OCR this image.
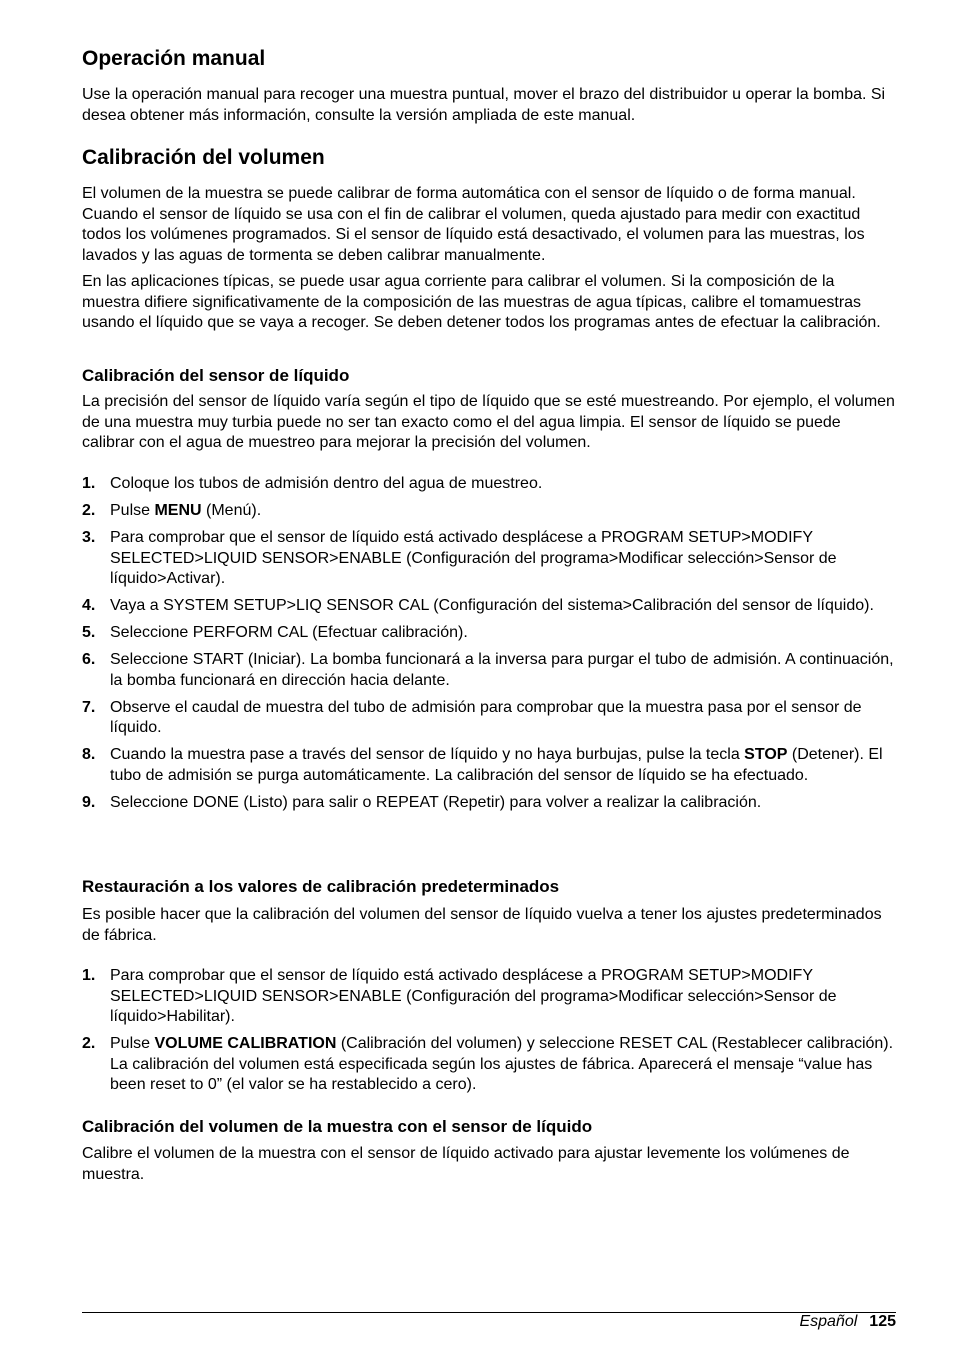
Operación manual

Use la operación manual para recoger una muestra puntual, mover el brazo del distribuidor u operar la bomba. Si desea obtener más información, consulte la versión ampliada de este manual.

Calibración del volumen

El volumen de la muestra se puede calibrar de forma automática con el sensor de líquido o de forma manual. Cuando el sensor de líquido se usa con el fin de calibrar el volumen, queda ajustado para medir con exactitud todos los volúmenes programados. Si el sensor de líquido está desactivado, el volumen para las muestras, los lavados y las aguas de tormenta se deben calibrar manualmente.

En las aplicaciones típicas, se puede usar agua corriente para calibrar el volumen. Si la composición de la muestra difiere significativamente de la composición de las muestras de agua típicas, calibre el tomamuestras usando el líquido que se vaya a recoger. Se deben detener todos los programas antes de efectuar la calibración.

Calibración del sensor de líquido

La precisión del sensor de líquido varía según el tipo de líquido que se esté muestreando. Por ejemplo, el volumen de una muestra muy turbia puede no ser tan exacto como el del agua limpia. El sensor de líquido se puede calibrar con el agua de muestreo para mejorar la precisión del volumen.

1. Coloque los tubos de admisión dentro del agua de muestreo.
2. Pulse MENU (Menú).
3. Para comprobar que el sensor de líquido está activado desplácese a PROGRAM SETUP>MODIFY SELECTED>LIQUID SENSOR>ENABLE (Configuración del programa>Modificar selección>Sensor de líquido>Activar).
4. Vaya a SYSTEM SETUP>LIQ SENSOR CAL (Configuración del sistema>Calibración del sensor de líquido).
5. Seleccione PERFORM CAL (Efectuar calibración).
6. Seleccione START (Iniciar). La bomba funcionará a la inversa para purgar el tubo de admisión. A continuación, la bomba funcionará en dirección hacia delante.
7. Observe el caudal de muestra del tubo de admisión para comprobar que la muestra pasa por el sensor de líquido.
8. Cuando la muestra pase a través del sensor de líquido y no haya burbujas, pulse la tecla STOP (Detener). El tubo de admisión se purga automáticamente. La calibración del sensor de líquido se ha efectuado.
9. Seleccione DONE (Listo) para salir o REPEAT (Repetir) para volver a realizar la calibración.
Restauración a los valores de calibración predeterminados

Es posible hacer que la calibración del volumen del sensor de líquido vuelva a tener los ajustes predeterminados de fábrica.

1. Para comprobar que el sensor de líquido está activado desplácese a PROGRAM SETUP>MODIFY SELECTED>LIQUID SENSOR>ENABLE (Configuración del programa>Modificar selección>Sensor de líquido>Habilitar).
2. Pulse VOLUME CALIBRATION (Calibración del volumen) y seleccione RESET CAL (Restablecer calibración). La calibración del volumen está especificada según los ajustes de fábrica. Aparecerá el mensaje “value has been reset to 0” (el valor se ha restablecido a cero).
Calibración del volumen de la muestra con el sensor de líquido

Calibre el volumen de la muestra con el sensor de líquido activado para ajustar levemente los volúmenes de muestra.

Español 125
